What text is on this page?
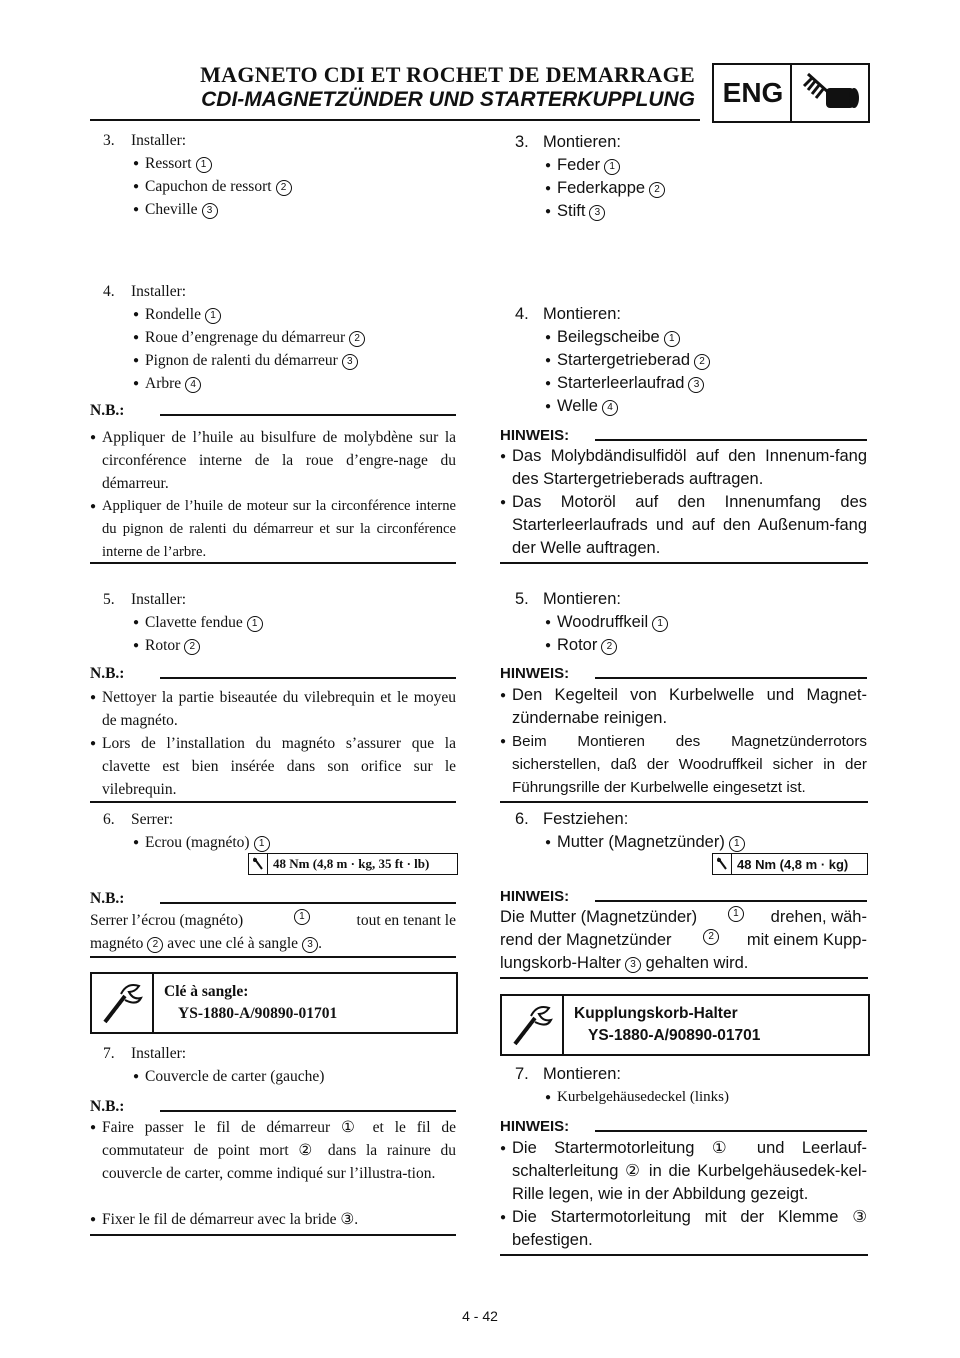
MAGNETO CDI ET ROCHET DE DEMARRAGE
CDI-MAGNETZÜNDER UND STARTERKUPPLUNG ENG
3. Installer:
● Ressort 1
● Capuchon de ressort 2
● Cheville 3
4. Installer:
● Rondelle 1
● Roue d’engrenage du démarreur 2
● Pignon de ralenti du démarreur 3
● Arbre 4
N.B.:
● Appliquer de l’huile au bisulfure de molybdène sur la circonférence interne de la roue d’engre-nage du démarreur.
● Appliquer de l’huile de moteur sur la circonférence interne du pignon de ralenti du démarreur et sur la circonférence interne de l’arbre.
5. Installer:
● Clavette fendue 1
● Rotor 2
N.B.:
● Nettoyer la partie biseautée du vilebrequin et le moyeu de magnéto.
● Lors de l’installation du magnéto s’assurer que la clavette est bien insérée dans son orifice sur le vilebrequin.
6. Serrer:
● Ecrou (magnéto) 1
48 Nm (4,8 m · kg, 35 ft · lb)
N.B.:
Serrer l’écrou (magnéto)	1	tout en tenant le
magnéto 2 avec une clé à sangle 3 .
Clé à sangle:
YS-1880-A/90890-01701
7. Installer:
● Couvercle de carter (gauche)
N.B.:
● Faire passer le fil de démarreur ① et le fil de commutateur de point mort ② dans la rainure du couvercle de carter, comme indiqué sur l’illustra-tion.
● Fixer le fil de démarreur avec la bride ③.
3. Montieren:
● Feder 1
● Federkappe 2
● Stift 3
4. Montieren:
● Beilegscheibe 1
● Startergetrieberad 2
● Starterleerlaufrad 3
● Welle 4
HINWEIS:
● Das Molybdändisulfidöl auf den Innenum-fang des Startergetrieberads auftragen.
● Das Motoröl auf den Innenumfang des Starterleerlaufrads und auf den Außenum-fang der Welle auftragen.
5. Montieren:
● Woodruffkeil 1
● Rotor 2
HINWEIS:
● Den Kegelteil von Kurbelwelle und Magnet-zündernabe reinigen.
● Beim Montieren des Magnetzünderrotors sicherstellen, daß der Woodruffkeil sicher in der Führungsrille der Kurbelwelle eingesetzt ist.
6. Festziehen:
● Mutter (Magnetzünder) 1
48 Nm (4,8 m · kg)
HINWEIS:
Die Mutter (Magnetzünder)	1	drehen, wäh-
rend der Magnetzünder	2	mit einem Kupp-
lungskorb-Halter 3 gehalten wird.
Kupplungskorb-Halter
YS-1880-A/90890-01701
7. Montieren:
● Kurbelgehäusedeckel (links)
HINWEIS:
● Die Startermotorleitung ① und Leerlauf-schalterleitung ② in die Kurbelgehäusedek-kel-Rille legen, wie in der Abbildung gezeigt.
● Die Startermotorleitung mit der Klemme ③ befestigen.
4 - 42
